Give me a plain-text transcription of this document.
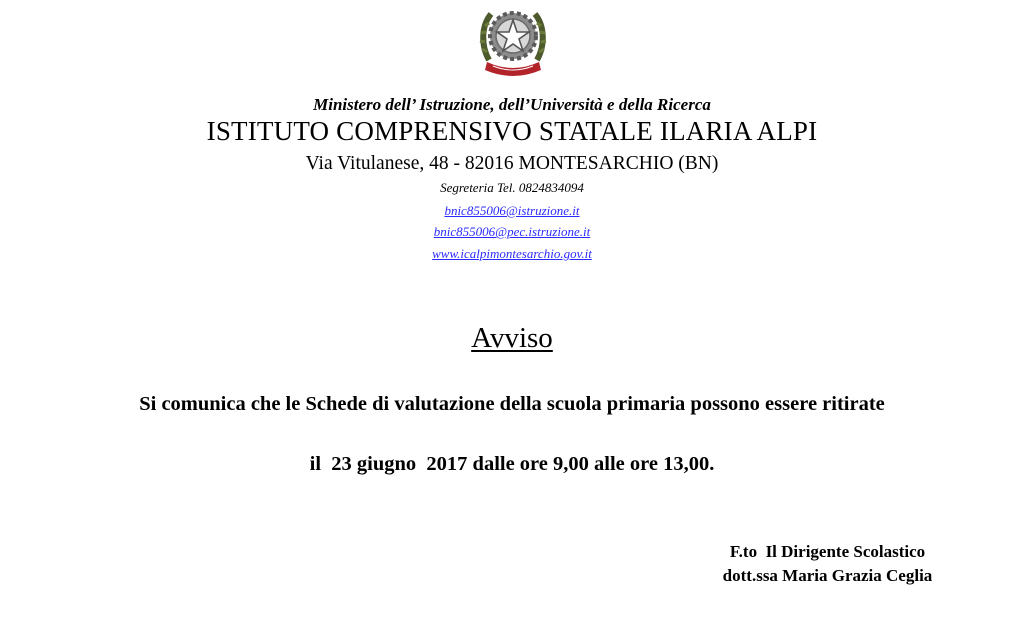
Ministero dell’ Istruzione, dell’Università e della Ricerca
ISTITUTO COMPRENSIVO STATALE ILARIA ALPI
Via Vitulanese, 48 - 82016 MONTESARCHIO (BN)
Segreteria Tel. 0824834094
bnic855006@istruzione.it
bnic855006@pec.istruzione.it
www.icalpimontesarchio.gov.it
Avviso
Si comunica che le Schede di valutazione della scuola primaria possono essere ritirate
il  23 giugno  2017 dalle ore 9,00 alle ore 13,00.
F.to  Il Dirigente Scolastico
dott.ssa Maria Grazia Ceglia
